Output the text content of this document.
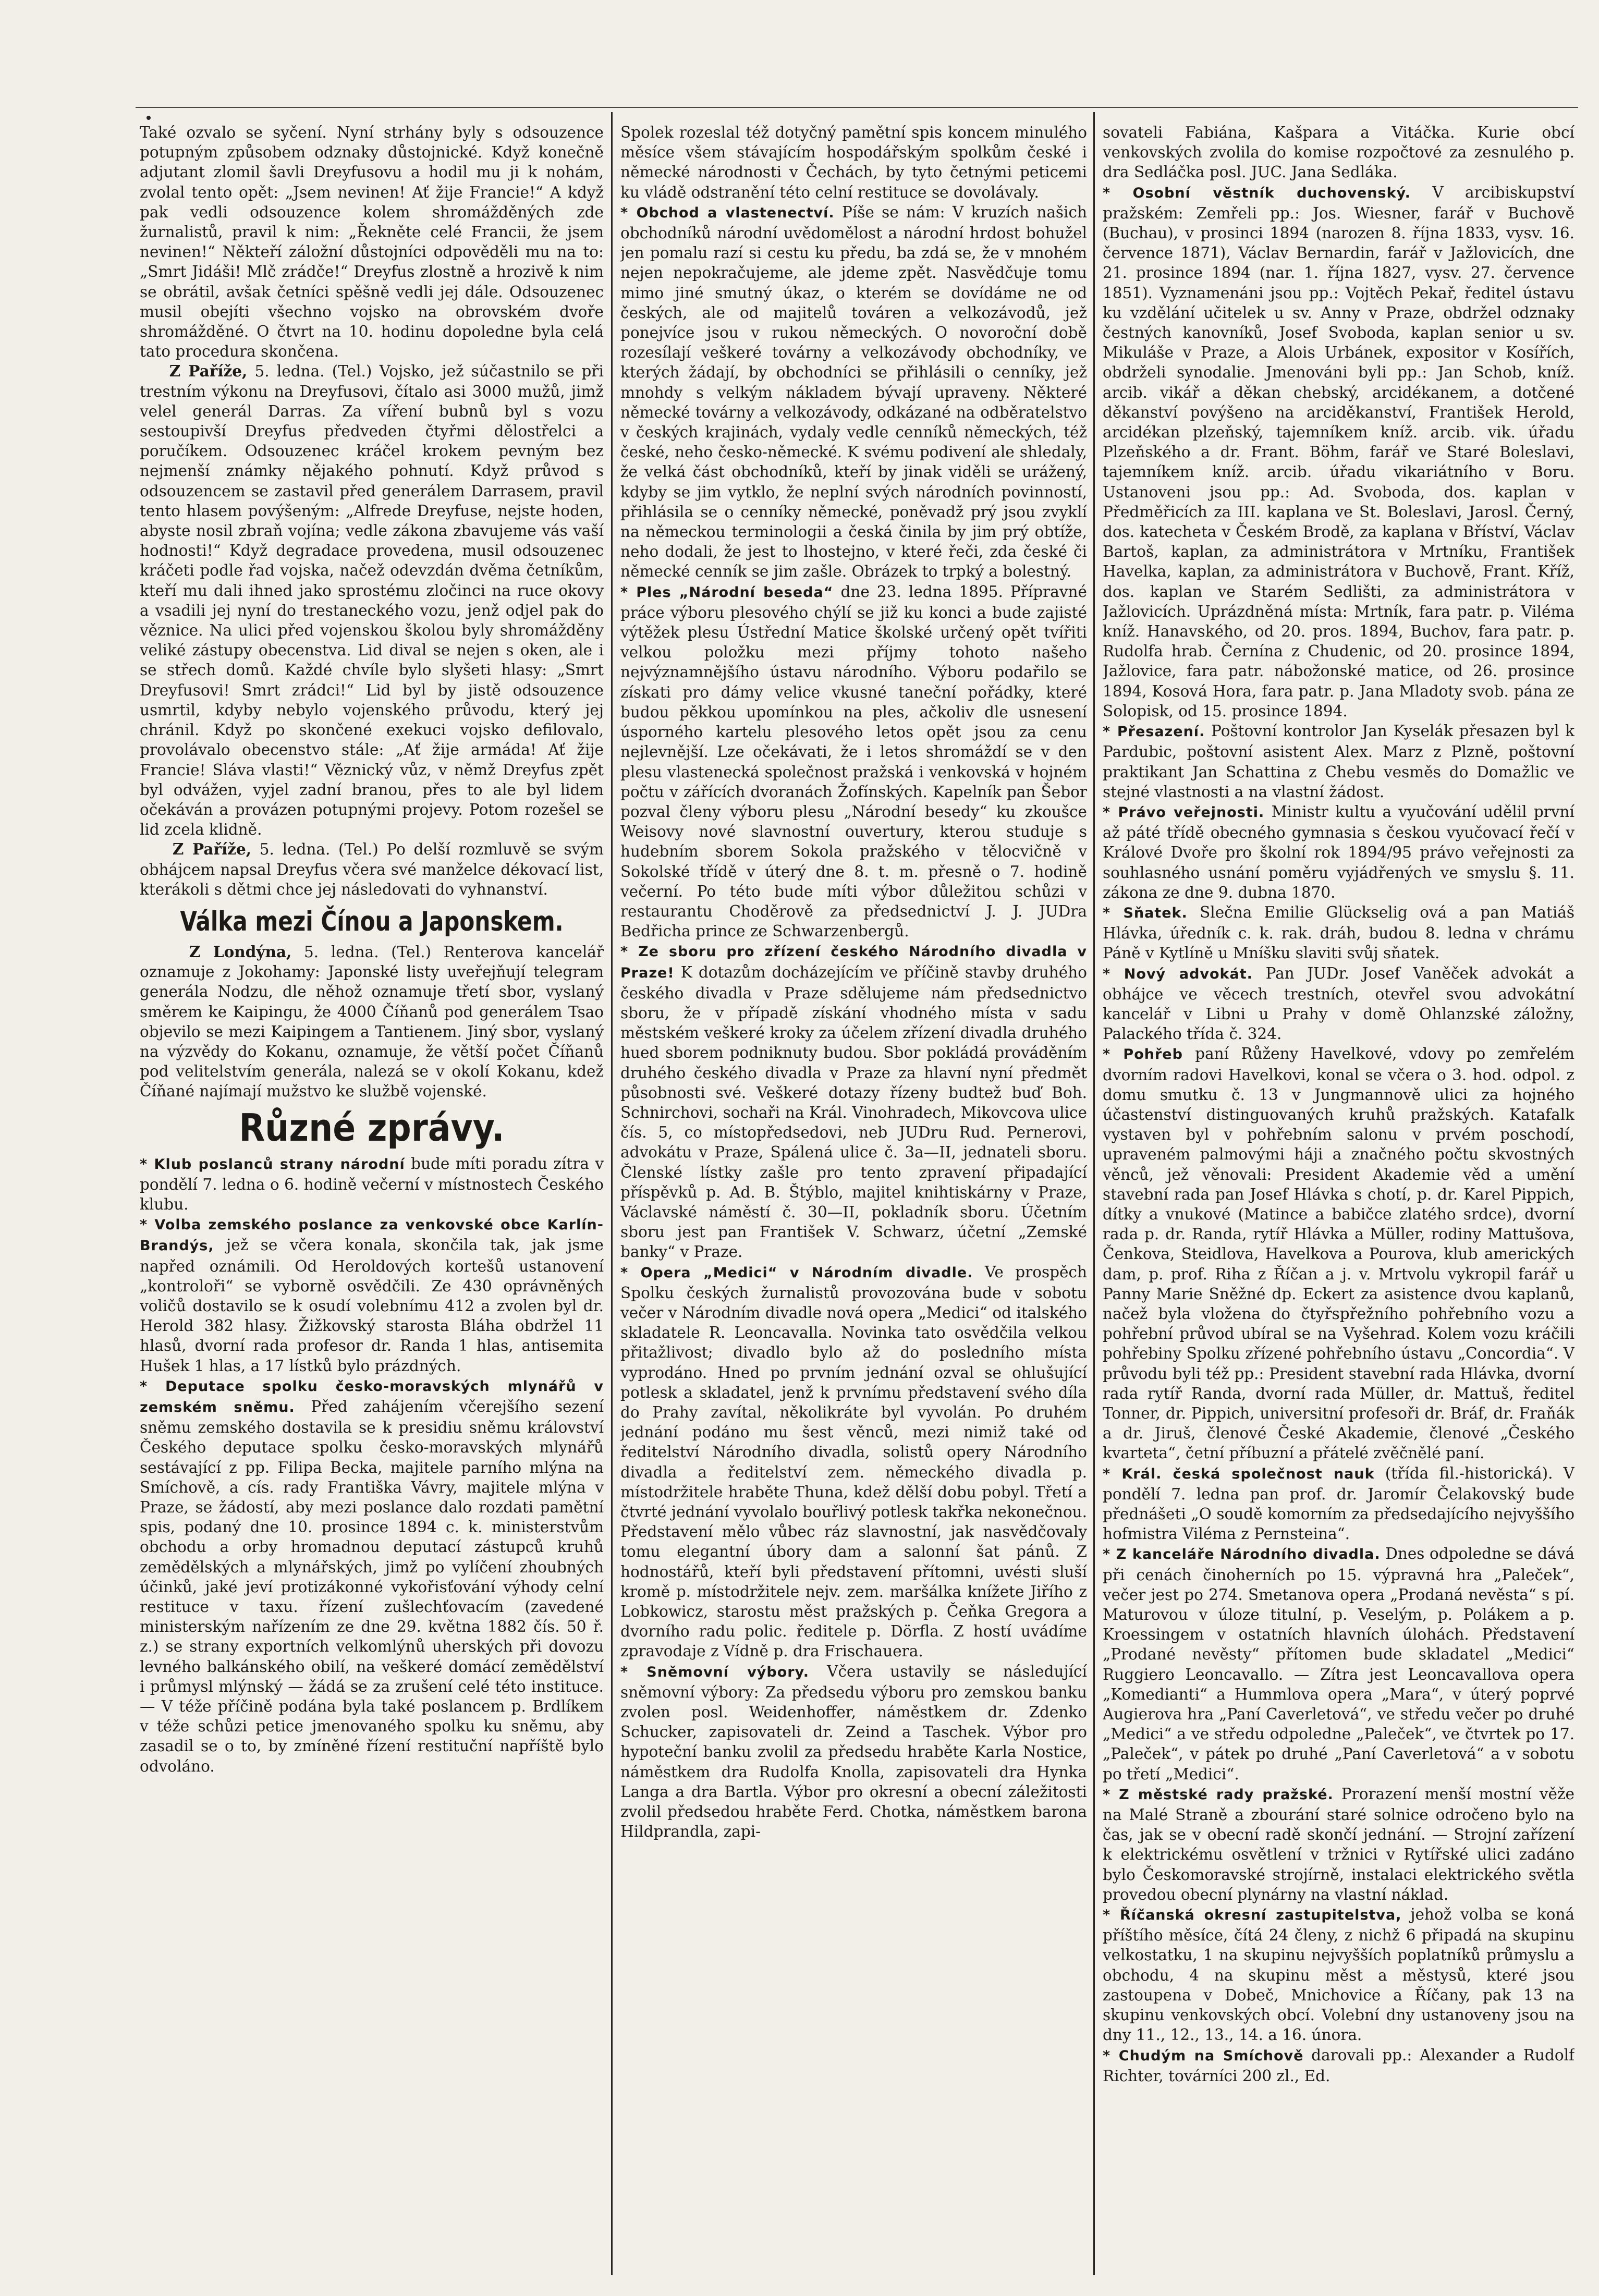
Také ozvalo se syčení. Nyní strhány byly s odsouzence potupným způsobem odznaky důstojnické. Když konečně adjutant zlomil šavli Dreyfusovu a hodil mu ji k nohám, zvolal tento opět: „Jsem nevinen! Ať žije Francie!“ A když pak vedli odsouzence kolem shromážděných zde žurnalistů, pravil k nim: „Řekněte celé Francii, že jsem nevinen!“ Někteří záložní důstojníci odpověděli mu na to: „Smrt Jidáši! Mlč zrádče!“ Dreyfus zlostně a hrozivě k nim se obrátil, avšak četníci spěšně vedli jej dále. Odsouzenec musil obejíti všechno vojsko na obrovském dvoře shromážděné. O čtvrt na 10. hodinu dopoledne byla celá tato procedura skončena.

Z Paříže, 5. ledna. (Tel.) Vojsko, jež súčastnilo se při trestním výkonu na Dreyfusovi, čítalo asi 3000 mužů, jimž velel generál Darras. Za víření bubnů byl s vozu sestoupivší Dreyfus předveden čtyřmi dělostřelci a poručíkem. Odsouzenec kráčel krokem pevným bez nejmenší známky nějakého pohnutí. Když průvod s odsouzencem se zastavil před generálem Darrasem, pravil tento hlasem povýšeným: „Alfrede Dreyfuse, nejste hoden, abyste nosil zbraň vojína; vedle zákona zbavujeme vás vaší hodnosti!“ Když degradace provedena, musil odsouzenec kráčeti podle řad vojska, načež odevzdán dvěma četníkům, kteří mu dali ihned jako sprostému zločinci na ruce okovy a vsadili jej nyní do trestaneckého vozu, jenž odjel pak do věznice. Na ulici před vojenskou školou byly shromážděny veliké zástupy obecenstva. Lid dival se nejen s oken, ale i se střech domů. Každé chvíle bylo slyšeti hlasy: „Smrt Dreyfusovi! Smrt zrádci!“ Lid byl by jistě odsouzence usmrtil, kdyby nebylo vojenského průvodu, který jej chránil. Když po skončené exekuci vojsko defilovalo, provolávalo obecenstvo stále: „Ať žije armáda! Ať žije Francie! Sláva vlasti!“ Věznický vůz, v němž Dreyfus zpět byl odvážen, vyjel zadní branou, přes to ale byl lidem očekáván a provázen potupnými projevy. Potom rozešel se lid zcela klidně.

Z Paříže, 5. ledna. (Tel.) Po delší rozmluvě se svým obhájcem napsal Dreyfus včera své manželce dékovací list, kterákoli s dětmi chce jej následovati do vyhnanství.

Válka mezi Čínou a Japonskem.

Z Londýna, 5. ledna. (Tel.) Renterova kancelář oznamuje z Jokohamy: Japonské listy uveřejňují telegram generála Nodzu, dle něhož oznamuje třetí sbor, vyslaný směrem ke Kaipingu, že 4000 Číňanů pod generálem Tsao objevilo se mezi Kaipingem a Tantienem. Jiný sbor, vyslaný na výzvědy do Kokanu, oznamuje, že větší počet Číňanů pod velitelstvím generála, nalezá se v okolí Kokanu, kdež Číňané najímají mužstvo ke službě vojenské.

Různé zprávy.

* Klub poslanců strany národní bude míti poradu zítra v pondělí 7. ledna o 6. hodině večerní v místnostech Českého klubu.

* Volba zemského poslance za venkovské obce Karlín-Brandýs, jež se včera konala, skončila tak, jak jsme napřed oznámili. Od Heroldových kortešů ustanovení „kontroloři“ se vyborně osvědčili. Ze 430 oprávněných voličů dostavilo se k osudí volebnímu 412 a zvolen byl dr. Herold 382 hlasy. Žižkovský starosta Bláha obdržel 11 hlasů, dvorní rada profesor dr. Randa 1 hlas, antisemita Hušek 1 hlas, a 17 lístků bylo prázdných.

* Deputace spolku česko-moravských mlynářů v zemském sněmu. Před zahájením včerejšího sezení sněmu zemského dostavila se k presidiu sněmu království Českého deputace spolku česko-moravských mlynářů sestávající z pp. Filipa Becka, majitele parního mlýna na Smíchově, a cís. rady Františka Vávry, majitele mlýna v Praze, se žádostí, aby mezi poslance dalo rozdati pamětní spis, podaný dne 10. prosince 1894 c. k. ministerstvům obchodu a orby hromadnou deputací zástupců kruhů zemědělských a mlynářských, jimž po vylíčení zhoubných účinků, jaké jeví protizákonné vykořisťování výhody celní restituce v taxu. řízení zušlechťovacím (zavedené ministerským nařízením ze dne 29. května 1882 čís. 50 ř. z.) se strany exportních velkomlýnů uherských při dovozu levného balkánského obilí, na veškeré domácí zemědělství i průmysl mlýnský — žádá se za zrušení celé této instituce. — V téže příčině podána byla také poslancem p. Brdlíkem v téže schůzi petice jmenovaného spolku ku sněmu, aby zasadil se o to, by zmíněné řízení restituční napříště bylo odvoláno.

Spolek rozeslal též dotyčný pamětní spis koncem minulého měsíce všem stávajícím hospodářským spolkům české i německé národnosti v Čechách, by tyto četnými peticemi ku vládě odstranění této celní restituce se dovolávaly.

* Obchod a vlastenectví. Píše se nám: V kruzích našich obchodníků národní uvědomělost a národní hrdost bohužel jen pomalu razí si cestu ku předu, ba zdá se, že v mnohém nejen nepokračujeme, ale jdeme zpět. Nasvědčuje tomu mimo jiné smutný úkaz, o kterém se dovídáme ne od českých, ale od majitelů továren a velkozávodů, jež ponejvíce jsou v rukou německých. O novoroční době rozesílají veškeré továrny a velkozávody obchodníky, ve kterých žádají, by obchodníci se přihlásili o cenníky, jež mnohdy s velkým nákladem bývají upraveny. Některé německé továrny a velkozávody, odkázané na odběratelstvo v českých krajinách, vydaly vedle cenníků německých, též české, neho česko-německé. K svému podivení ale shledaly, že velká část obchodníků, kteří by jinak viděli se urážený, kdyby se jim vytklo, že neplní svých národních povinností, přihlásila se o cenníky německé, poněvadž prý jsou zvyklí na německou terminologii a česká činila by jim prý obtíže, neho dodali, že jest to lhostejno, v které řeči, zda české či německé cenník se jim zašle. Obrázek to trpký a bolestný.

* Ples „Národní beseda“ dne 23. ledna 1895. Přípravné práce výboru plesového chýlí se již ku konci a bude zajisté výtěžek plesu Ústřední Matice školské určený opět tvířiti velkou položku mezi příjmy tohoto našeho nejvýznamnějšího ústavu národního. Výboru podařilo se získati pro dámy velice vkusné taneční pořádky, které budou pěkkou upomínkou na ples, ačkoliv dle usnesení úsporného kartelu plesového letos opět jsou za cenu nejlevnější. Lze očekávati, že i letos shromáždí se v den plesu vlastenecká společnost pražská i venkovská v hojném počtu v zářících dvoranách Žofínských. Kapelník pan Šebor pozval členy výboru plesu „Národní besedy“ ku zkoušce Weisovy nové slavnostní ouvertury, kterou studuje s hudebním sborem Sokola pražského v tělocvičně v Sokolské třídě v úterý dne 8. t. m. přesně o 7. hodině večerní. Po této bude míti výbor důležitou schůzi v restaurantu Choděrově za předsednictví J. J. JUDra Bedřicha prince ze Schwarzenbergů.

* Ze sboru pro zřízení českého Národního divadla v Praze! K dotazům docházejícím ve příčině stavby druhého českého divadla v Praze sdělujeme nám předsednictvo sboru, že v případě získání vhodného místa v sadu městském veškeré kroky za účelem zřízení divadla druhého hued sborem podniknuty budou. Sbor pokládá prováděním druhého českého divadla v Praze za hlavní nyní předmět působnosti své. Veškeré dotazy řízeny budtež buď Boh. Schnirchovi, sochaři na Král. Vinohradech, Mikovcova ulice čís. 5, co místopředsedovi, neb JUDru Rud. Pernerovi, advokátu v Praze, Spálená ulice č. 3a—II, jednateli sboru. Členské lístky zašle pro tento zpravení připadající příspěvků p. Ad. B. Štýblo, majitel knihtiskárny v Praze, Václavské náměstí č. 30—II, pokladník sboru. Účetním sboru jest pan František V. Schwarz, účetní „Zemské banky“ v Praze.

* Opera „Medici“ v Národním divadle. Ve prospěch Spolku českých žurnalistů provozována bude v sobotu večer v Národním divadle nová opera „Medici“ od italského skladatele R. Leoncavalla. Novinka tato osvědčila velkou přitažlivost; divadlo bylo až do posledního místa vyprodáno. Hned po prvním jednání ozval se ohlušující potlesk a skladatel, jenž k prvnímu představení svého díla do Prahy zavítal, několikráte byl vyvolán. Po druhém jednání podáno mu šest věnců, mezi nimiž také od ředitelství Národního divadla, solistů opery Národního divadla a ředitelství zem. německého divadla p. místodržitele hraběte Thuna, kdež dělší dobu pobyl. Třetí a čtvrté jednání vyvolalo bouřlivý potlesk takřka nekonečnou. Představení mělo vůbec ráz slavnostní, jak nasvědčovaly tomu elegantní úbory dam a salonní šat pánů. Z hodnostářů, kteří byli představení přítomni, uvésti sluší kromě p. místodržitele nejv. zem. maršálka knížete Jiřího z Lobkowicz, starostu měst pražských p. Čeňka Gregora a dvorního radu polic. ředitele p. Dörfla. Z hostí uvádíme zpravodaje z Vídně p. dra Frischauera.

* Sněmovní výbory. Včera ustavily se následující sněmovní výbory: Za předsedu výboru pro zemskou banku zvolen posl. Weidenhoffer, náměstkem dr. Zdenko Schucker, zapisovateli dr. Zeind a Taschek. Výbor pro hypoteční banku zvolil za předsedu hraběte Karla Nostice, náměstkem dra Rudolfa Knolla, zapisovateli dra Hynka Langa a dra Bartla. Výbor pro okresní a obecní záležitosti zvolil předsedou hraběte Ferd. Chotka, náměstkem barona Hildprandla, zapi-

sovateli Fabiána, Kašpara a Vitáčka. Kurie obcí venkovských zvolila do komise rozpočtové za zesnulého p. dra Sedláčka posl. JUC. Jana Sedláka.

* Osobní věstník duchovenský. V arcibiskupství pražském: Zemřeli pp.: Jos. Wiesner, farář v Buchově (Buchau), v prosinci 1894 (narozen 8. října 1833, vysv. 16. července 1871), Václav Bernardin, farář v Jažlovicích, dne 21. prosince 1894 (nar. 1. října 1827, vysv. 27. července 1851). Vyznamenáni jsou pp.: Vojtěch Pekař, ředitel ústavu ku vzdělání učitelek u sv. Anny v Praze, obdržel odznaky čestných kanovníků, Josef Svoboda, kaplan senior u sv. Mikuláše v Praze, a Alois Urbánek, expositor v Kosířích, obdrželi synodalie. Jmenováni byli pp.: Jan Schob, kníž. arcib. vikář a děkan chebský, arcidékanem, a dotčené děkanství povýšeno na arciděkanství, František Herold, arcidékan plzeňský, tajemníkem kníž. arcib. vik. úřadu Plzeňského a dr. Frant. Böhm, farář ve Staré Boleslavi, tajemníkem kníž. arcib. úřadu vikariátního v Boru. Ustanoveni jsou pp.: Ad. Svoboda, dos. kaplan v Předměřicích za III. kaplana ve St. Boleslavi, Jarosl. Černý, dos. katecheta v Českém Brodě, za kaplana v Bříství, Václav Bartoš, kaplan, za administrátora v Mrtníku, František Havelka, kaplan, za administrátora v Buchově, Frant. Kříž, dos. kaplan ve Starém Sedlišti, za administrátora v Jažlovicích. Uprázdněná místa: Mrtník, fara patr. p. Viléma kníž. Hanavského, od 20. pros. 1894, Buchov, fara patr. p. Rudolfa hrab. Černína z Chudenic, od 20. prosince 1894, Jažlovice, fara patr. nábožonské matice, od 26. prosince 1894, Kosová Hora, fara patr. p. Jana Mladoty svob. pána ze Solopisk, od 15. prosince 1894.

* Přesazení. Poštovní kontrolor Jan Kyselák přesazen byl k Pardubic, poštovní asistent Alex. Marz z Plzně, poštovní praktikant Jan Schattina z Chebu vesměs do Domažlic ve stejné vlastnosti a na vlastní žádost.

* Právo veřejnosti. Ministr kultu a vyučování udělil první až páté třídě obecného gymnasia s českou vyučovací řečí v Králové Dvoře pro školní rok 1894/95 právo veřejnosti za souhlasného usnání poměru vyjádřených ve smyslu §. 11. zákona ze dne 9. dubna 1870.

* Sňatek. Slečna Emilie Glückselig ová a pan Matiáš Hlávka, úředník c. k. rak. dráh, budou 8. ledna v chrámu Páně v Kytlíně u Mníšku slaviti svůj sňatek.

* Nový advokát. Pan JUDr. Josef Vaněček advokát a obhájce ve věcech trestních, otevřel svou advokátní kancelář v Libni u Prahy v domě Ohlanzské záložny, Palackého třída č. 324.

* Pohřeb paní Růženy Havelkové, vdovy po zemřelém dvorním radovi Havelkovi, konal se včera o 3. hod. odpol. z domu smutku č. 13 v Jungmannově ulici za hojného účastenství distinguovaných kruhů pražských. Katafalk vystaven byl v pohřebním salonu v prvém poschodí, upraveném palmovými háji a značného počtu skvostných věnců, jež věnovali: President Akademie věd a umění stavební rada pan Josef Hlávka s chotí, p. dr. Karel Pippich, dítky a vnukové (Matince a babičce zlatého srdce), dvorní rada p. dr. Randa, rytíř Hlávka a Müller, rodiny Mattušova, Čenkova, Steidlova, Havelkova a Pourova, klub amerických dam, p. prof. Riha z Říčan a j. v. Mrtvolu vykropil farář u Panny Marie Sněžné dp. Eckert za asistence dvou kaplanů, načež byla vložena do čtyřspřežního pohřebního vozu a pohřební průvod ubíral se na Vyšehrad. Kolem vozu kráčili pohřebiny Spolku zřízené pohřebního ústavu „Concordia“. V průvodu byli též pp.: President stavební rada Hlávka, dvorní rada rytíř Randa, dvorní rada Müller, dr. Mattuš, ředitel Tonner, dr. Pippich, universitní profesoři dr. Bráf, dr. Fraňák a dr. Jiruš, členové České Akademie, členové „Českého kvarteta“, četní příbuzní a přátelé zvěčnělé paní.

* Král. česká společnost nauk (třída fil.-historická). V pondělí 7. ledna pan prof. dr. Jaromír Čelakovský bude přednášeti „O soudě komorním za předsedajícího nejvyššího hofmistra Viléma z Pernsteina“.

* Z kanceláře Národního divadla. Dnes odpoledne se dává při cenách činoherních po 15. výpravná hra „Paleček“, večer jest po 274. Smetanova opera „Prodaná nevěsta“ s pí. Maturovou v úloze titulní, p. Veselým, p. Polákem a p. Kroessingem v ostatních hlavních úlohách. Představení „Prodané nevěsty“ přítomen bude skladatel „Medici“ Ruggiero Leoncavallo. — Zítra jest Leoncavallova opera „Komedianti“ a Hummlova opera „Mara“, v úterý poprvé Augierova hra „Paní Caverletová“, ve středu večer po druhé „Medici“ a ve středu odpoledne „Paleček“, ve čtvrtek po 17. „Paleček“, v pátek po druhé „Paní Caverletová“ a v sobotu po třetí „Medici“.

* Z městské rady pražské. Prorazení menší mostní věže na Malé Straně a zbourání staré solnice odročeno bylo na čas, jak se v obecní radě skončí jednání. — Strojní zařízení k elektrickému osvětlení v tržnici v Rytířské ulici zadáno bylo Českomoravské strojírně, instalaci elektrického světla provedou obecní plynárny na vlastní náklad.

* Říčanská okresní zastupitelstva, jehož volba se koná příštího měsíce, čítá 24 členy, z nichž 6 připadá na skupinu velkostatku, 1 na skupinu nejvyšších poplatníků průmyslu a obchodu, 4 na skupinu měst a městysů, které jsou zastoupena v Dobeč, Mnichovice a Říčany, pak 13 na skupinu venkovských obcí. Volební dny ustanoveny jsou na dny 11., 12., 13., 14. a 16. února.

* Chudým na Smíchově darovali pp.: Alexander a Rudolf Richter, továrníci 200 zl., Ed.
